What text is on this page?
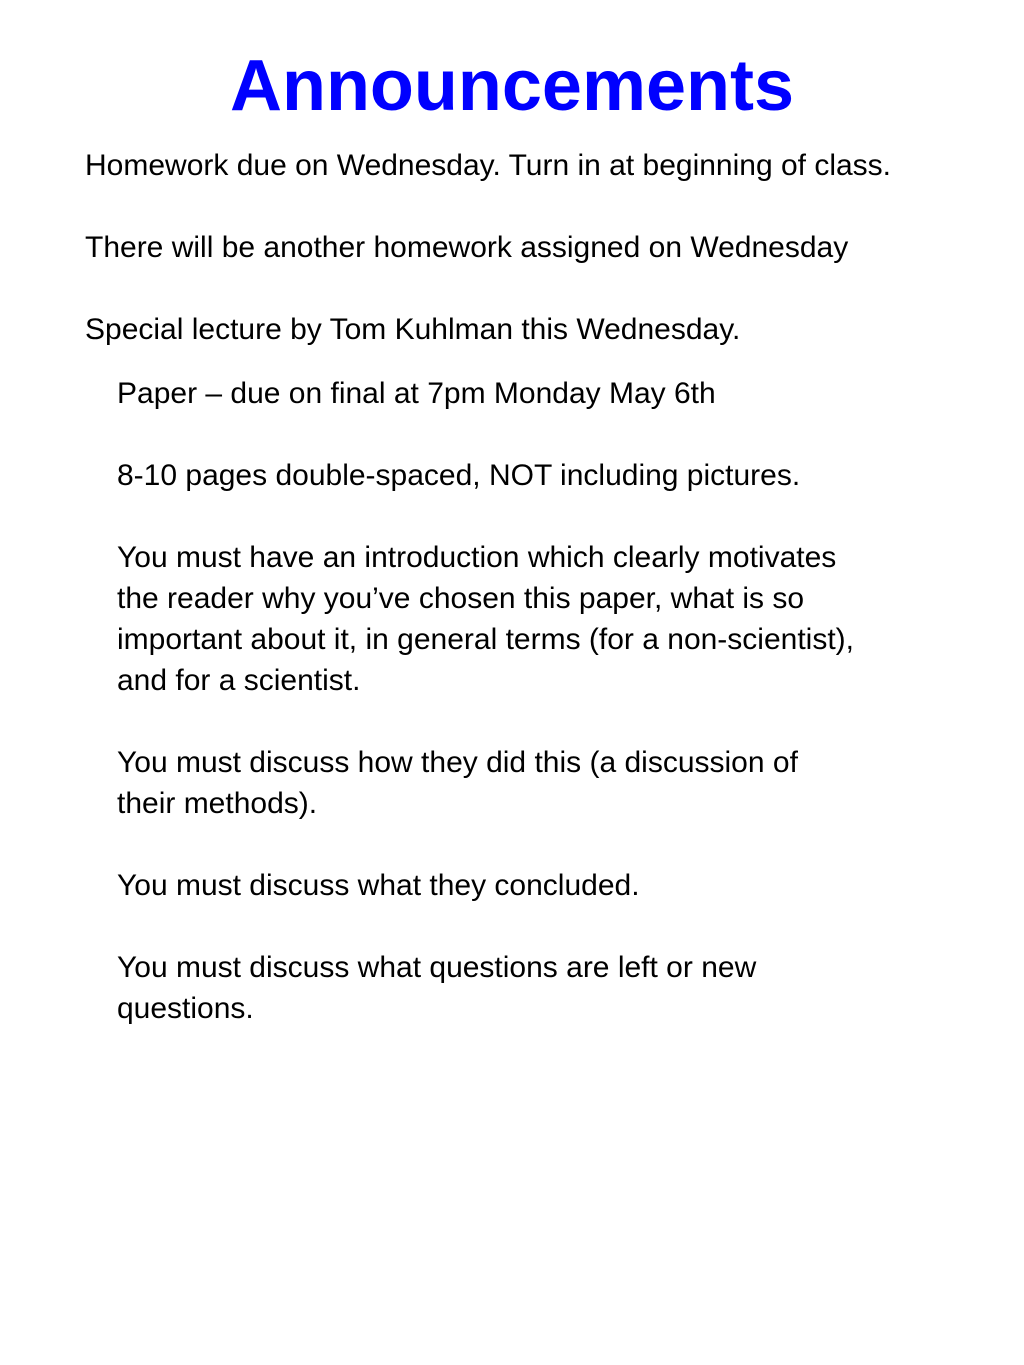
Announcements

Homework due on Wednesday. Turn in at beginning of class.

There will be another homework assigned on Wednesday

Special lecture by Tom Kuhlman this Wednesday.

Paper – due on final at 7pm Monday May 6th

8-10 pages double-spaced, NOT including pictures.

You must have an introduction which clearly motivates

the reader why you’ve chosen this paper, what is so

important about it, in general terms (for a non-scientist),

and for a scientist.

You must discuss how they did this (a discussion of

their methods).

You must discuss what they concluded.

You must discuss what questions are left or new

questions.
